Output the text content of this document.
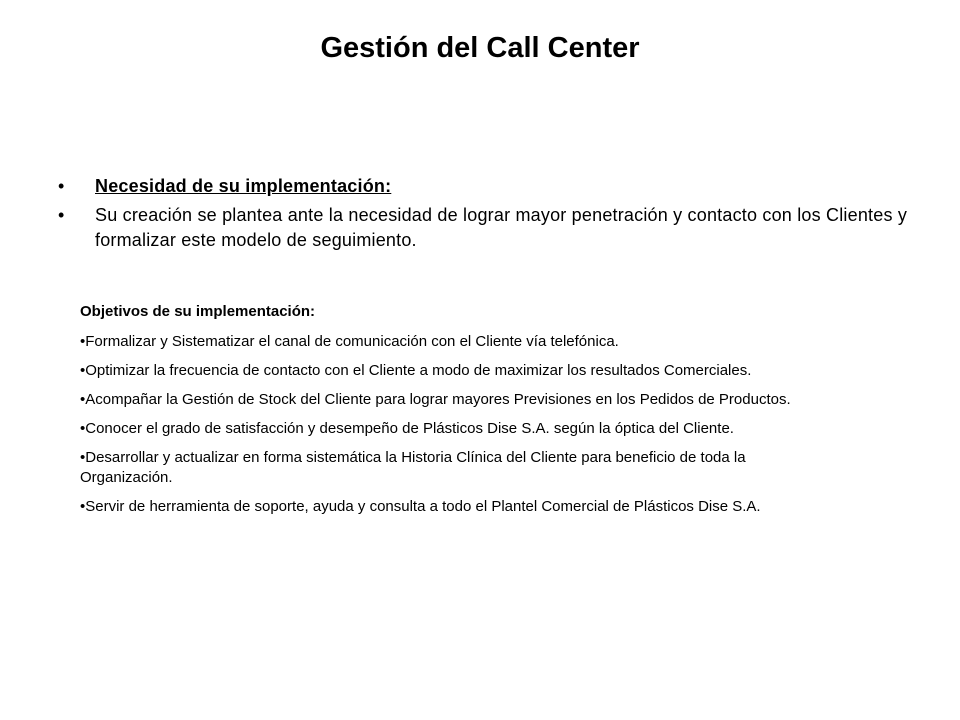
Gestión del Call Center
• Necesidad de su implementación:
• Su creación se plantea ante la necesidad de lograr mayor penetración y contacto con los Clientes y formalizar este modelo de seguimiento.

Objetivos de su implementación:

•Formalizar y Sistematizar el canal de comunicación con el Cliente vía telefónica.

•Optimizar la frecuencia de contacto con el Cliente a modo de maximizar los resultados Comerciales.

•Acompañar la Gestión de Stock del Cliente para lograr mayores Previsiones en los Pedidos de Productos.

•Conocer el grado de satisfacción y desempeño de Plásticos Dise S.A. según la óptica del Cliente.

•Desarrollar y actualizar en forma sistemática la Historia Clínica del Cliente para beneficio de toda la Organización.

•Servir de herramienta de soporte, ayuda y consulta a todo el Plantel Comercial de Plásticos Dise S.A.
